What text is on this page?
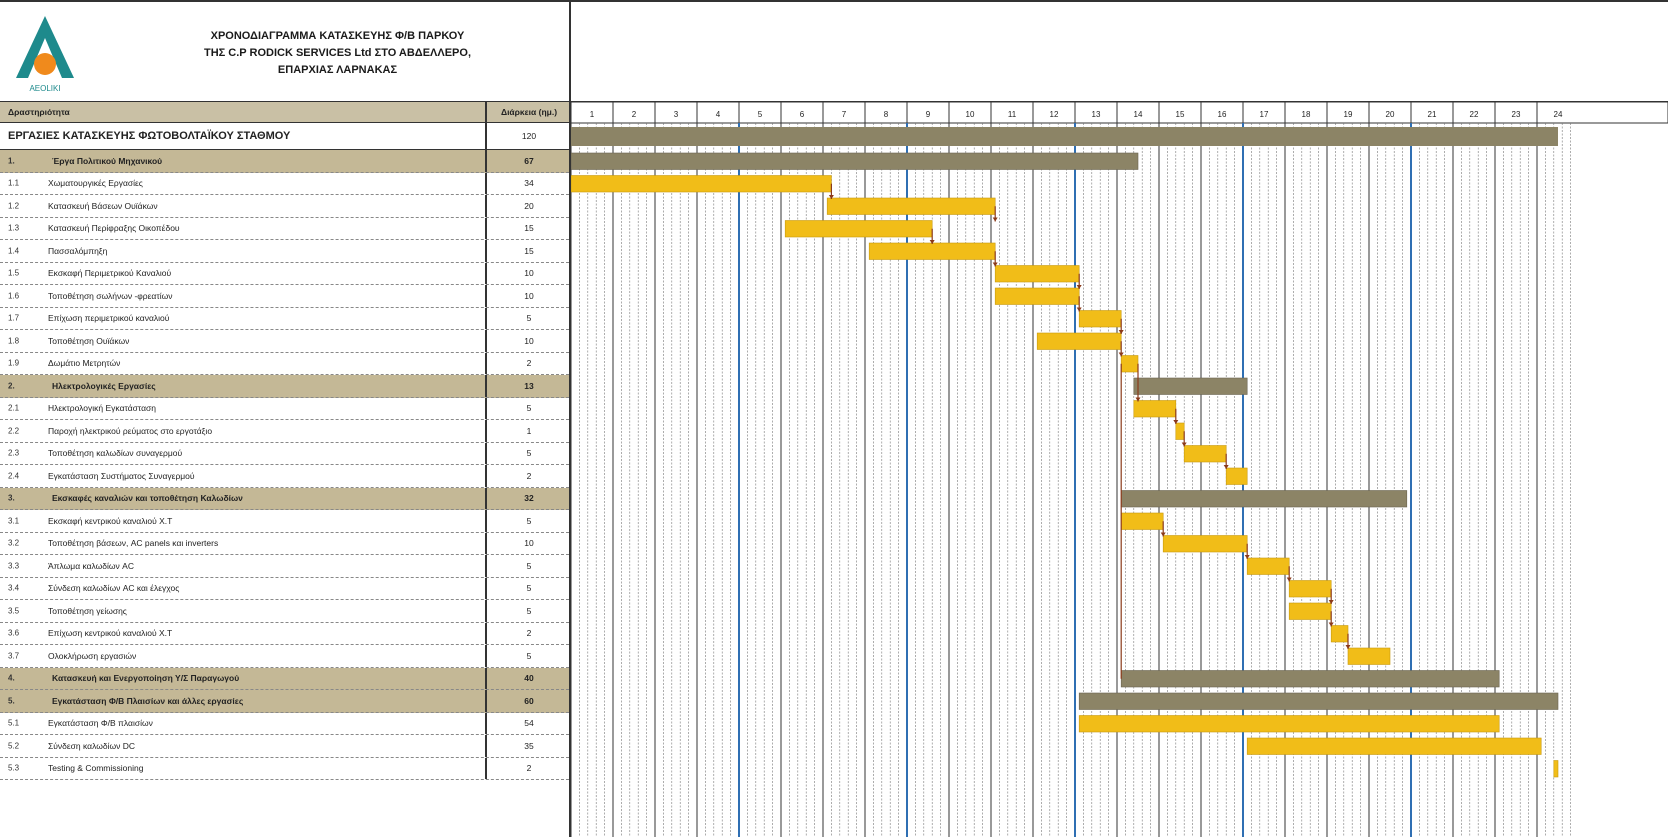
AEOLIKI
ΧΡΟΝΟΔΙΑΓΡΑΜΜΑ ΚΑΤΑΣΚΕΥΗΣ Φ/Β ΠΑΡΚΟΥ
ΤΗΣ C.P RODICK SERVICES Ltd ΣΤΟ ΑΒΔΕΛΛΕΡΟ,
ΕΠΑΡΧΙΑΣ ΛΑΡΝΑΚΑΣ
Δραστηριότητα	Διάρκεια (ημ.)
ΕΡΓΑΣΙΕΣ ΚΑΤΑΣΚΕΥΗΣ ΦΩΤΟΒΟΛΤΑΪΚΟΥ ΣΤΑΘΜΟΥ	120
1.	Έργα Πολιτικού Μηχανικού	67
1.1	Χωματουργικές Εργασίες	34
1.2	Κατασκευή Βάσεων Ουϊάκων	20
1.3	Κατασκευή Περίφραξης Οικοπέδου	15
1.4	Πασσαλόμπηξη	15
1.5	Εκσκαφή Περιμετρικού Καναλιού	10
1.6	Τοποθέτηση σωλήνων -φρεατίων	10
1.7	Επίχωση περιμετρικού καναλιού	5
1.8	Τοποθέτηση Ουϊάκων	10
1.9	Δωμάτιο Μετρητών	2
2.	Ηλεκτρολογικές Εργασίες	13
2.1	Ηλεκτρολογική Εγκατάσταση	5
2.2	Παροχή ηλεκτρικού ρεύματος στο εργοτάξιο	1
2.3	Τοποθέτηση καλωδίων συναγερμού	5
2.4	Εγκατάσταση Συστήματος Συναγερμού	2
3.	Εκσκαφές καναλιών και τοποθέτηση Καλωδίων	32
3.1	Εκσκαφή κεντρικού καναλιού Χ.Τ	5
3.2	Τοποθέτηση βάσεων, AC panels και inverters	10
3.3	Άπλωμα καλωδίων AC	5
3.4	Σύνδεση καλωδίων AC και έλεγχος	5
3.5	Τοποθέτηση γείωσης	5
3.6	Επίχωση κεντρικού καναλιού Χ.Τ	2
3.7	Ολοκλήρωση εργασιών	5
4.	Κατασκευή και Ενεργοποίηση Υ/Σ Παραγωγού	40
5.	Εγκατάσταση Φ/Β Πλαισίων και άλλες εργασίες	60
5.1	Εγκατάσταση Φ/Β πλαισίων	54
5.2	Σύνδεση καλωδίων DC	35
5.3	Testing & Commissioning	2
1	2	3	4	5	6	7	8	9	10	11	12	13	14	15	16	17	18	19	20	21	22	23	24
